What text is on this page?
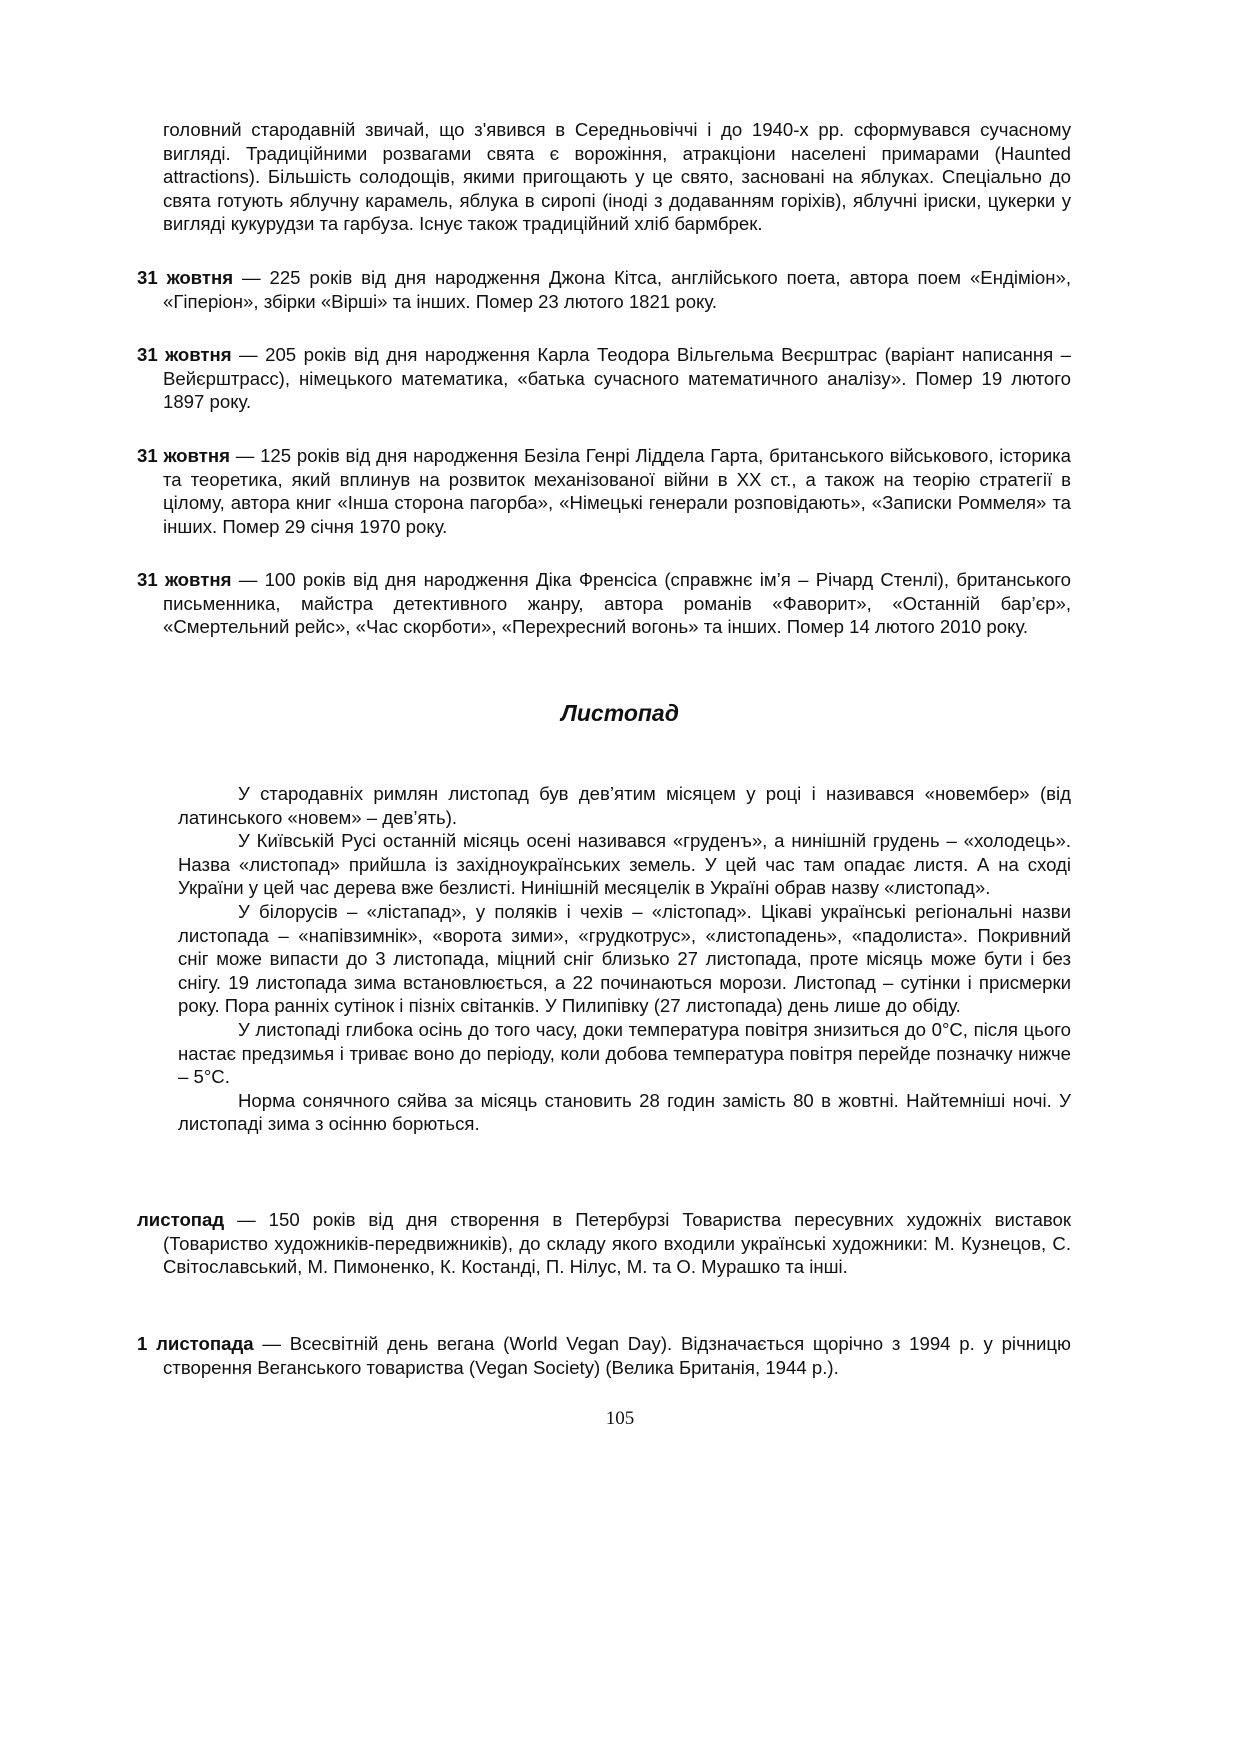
головний стародавній звичай, що з'явився в Середньовіччі і до 1940-х рр. сформувався сучасному вигляді. Традиційними розвагами свята є ворожіння, атракціони населені примарами (Haunted attractions). Більшість солодощів, якими пригощають у це свято, засновані на яблуках. Спеціально до свята готують яблучну карамель, яблука в сиропі (іноді з додаванням горіхів), яблучні іриски, цукерки у вигляді кукурудзи та гарбуза. Існує також традиційний хліб бармбрек.
31 жовтня — 225 років від дня народження Джона Кітса, англійського поета, автора поем «Ендіміон», «Гіперіон», збірки «Вірші» та інших. Помер 23 лютого 1821 року.
31 жовтня — 205 років від дня народження Карла Теодора Вільгельма Веєрштрас (варіант написання – Вейєрштрасс), німецького математика, «батька сучасного математичного аналізу». Помер 19 лютого 1897 року.
31 жовтня — 125 років від дня народження Безіла Генрі Ліддела Гарта, британського військового, історика та теоретика, який вплинув на розвиток механізованої війни в ХХ ст., а також на теорію стратегії в цілому, автора книг «Інша сторона пагорба», «Німецькі генерали розповідають», «Записки Роммеля» та інших. Помер 29 січня 1970 року.
31 жовтня — 100 років від дня народження Діка Френсіса (справжнє ім’я – Річард Стенлі), британського письменника, майстра детективного жанру, автора романів «Фаворит», «Останній бар’єр», «Смертельний рейс», «Час скорботи», «Перехресний вогонь» та інших. Помер 14 лютого 2010 року.
Листопад

У стародавніх римлян листопад був дев’ятим місяцем у році і називався «новембер» (від латинського «новем» – дев’ять).

У Київській Русі останній місяць осені називався «груденъ», а нинішній грудень – «холодець». Назва «листопад» прийшла із західноукраїнських земель. У цей час там опадає листя. А на сході України у цей час дерева вже безлисті. Нинішній месяцелік в Україні обрав назву «листопад».

У білорусів – «лістапад», у поляків і чехів – «лістопад». Цікаві українські регіональні назви листопада – «напівзимнік», «ворота зими», «грудкотрус», «листопадень», «падолиста». Покривний сніг може випасти до 3 листопада, міцний сніг близько 27 листопада, проте місяць може бути і без снігу. 19 листопада зима встановлюється, а 22 починаються морози. Листопад – сутінки і присмерки року. Пора ранніх сутінок і пізніх світанків. У Пилипівку (27 листопада) день лише до обіду.

У листопаді глибока осінь до того часу, доки температура повітря знизиться до 0°С, після цього настає предзимья і триває воно до періоду, коли добова температура повітря перейде позначку нижче – 5°С.

Норма сонячного сяйва за місяць становить 28 годин замість 80 в жовтні. Найтемніші ночі. У листопаді зима з осінню борються.

листопад — 150 років від дня створення в Петербурзі Товариства пересувних художніх виставок (Товариство художників-передвижників), до складу якого входили українські художники: М. Кузнецов, С. Світославський, М. Пимоненко, К. Костанді, П. Нілус, М. та О. Мурашко та інші.
1 листопада — Всесвітній день вегана (World Vegan Day). Відзначається щорічно з 1994 р. у річницю створення Веганського товариства (Vegan Society) (Велика Британія, 1944 р.).
105
